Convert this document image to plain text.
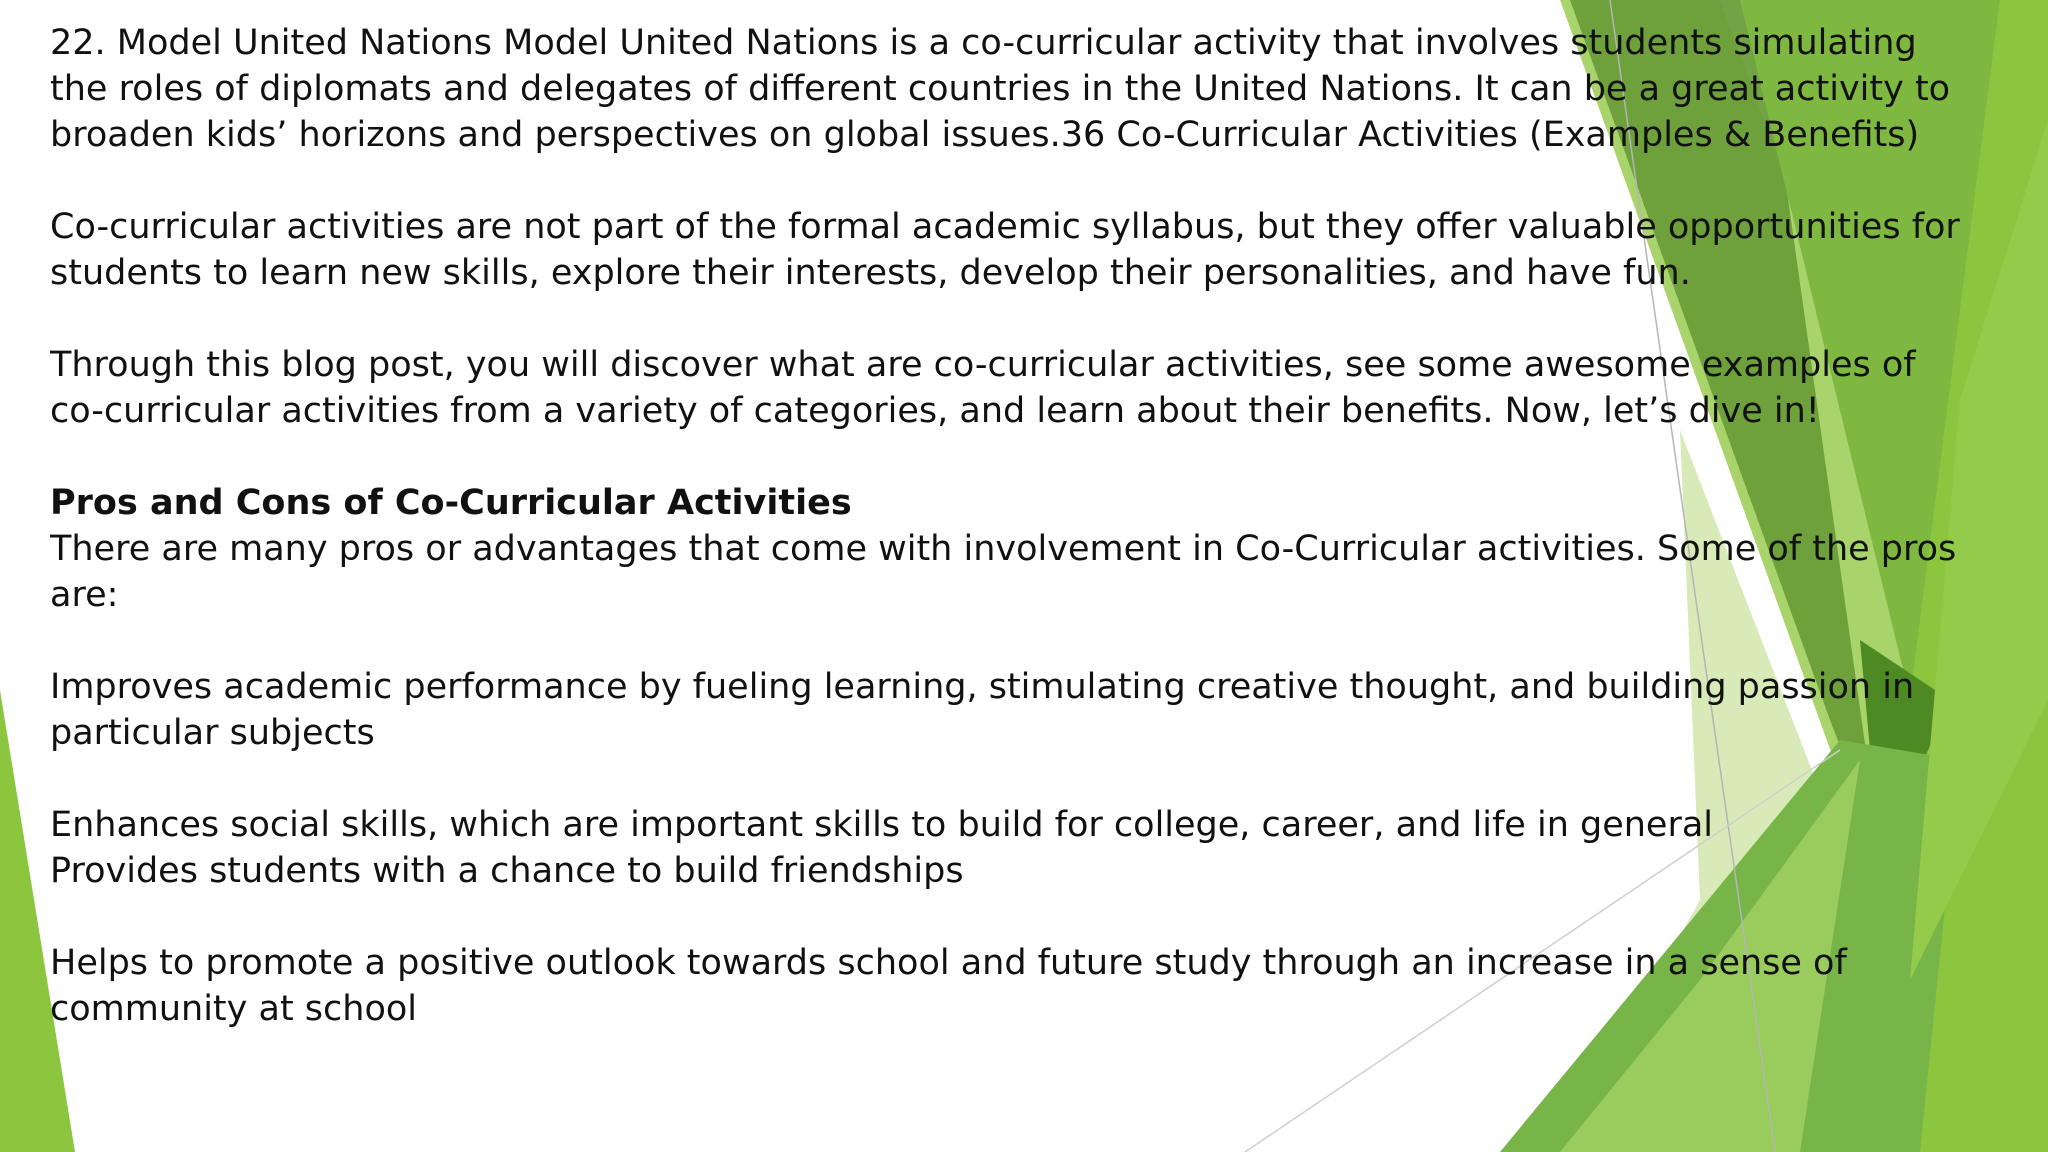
22. Model United Nations Model United Nations is a co-curricular activity that involves students simulating the roles of diplomats and delegates of different countries in the United Nations. It can be a great activity to broaden kids’ horizons and perspectives on global issues.36 Co-Curricular Activities (Examples & Benefits)

Co-curricular activities are not part of the formal academic syllabus, but they offer valuable opportunities for students to learn new skills, explore their interests, develop their personalities, and have fun.

Through this blog post, you will discover what are co-curricular activities, see some awesome examples of co-curricular activities from a variety of categories, and learn about their benefits. Now, let’s dive in!

Pros and Cons of Co-Curricular Activities

There are many pros or advantages that come with involvement in Co-Curricular activities. Some of the pros are:

Improves academic performance by fueling learning, stimulating creative thought, and building passion in particular subjects

Enhances social skills, which are important skills to build for college, career, and life in general

Provides students with a chance to build friendships

Helps to promote a positive outlook towards school and future study through an increase in a sense of community at school
